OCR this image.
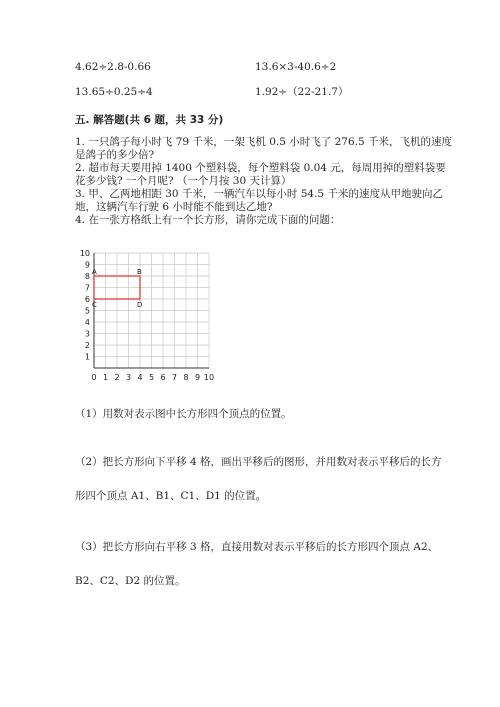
4.62÷2.8-0.66	13.6×3-40.6÷2
13.65÷0.25÷4	1.92÷（22-21.7）
五. 解答题(共 6 题，共 33 分)
1. 一只鸽子每小时飞 79 千米，一架飞机 0.5 小时飞了 276.5 千米，飞机的速度
是鸽子的多少倍?
2. 超市每天要用掉 1400 个塑料袋，每个塑料袋 0.04 元，每周用掉的塑料袋要
花多少钱? 一个月呢? （一个月按 30 天计算）
3. 甲、乙两地相距 30 千米，一辆汽车以每小时 54.5 千米的速度从甲地驶向乙
地，这辆汽车行驶 6 小时能不能到达乙地?
4. 在一张方格纸上有一个长方形，请你完成下面的问题：
0 1 2 3 4 5 6 7 8 9 10
1
2
3
4
5
6
7
8
9
10
A	B
C	D
（1）用数对表示图中长方形四个顶点的位置。
（2）把长方形向下平移 4 格，画出平移后的图形，并用数对表示平移后的长方
形四个顶点 A1、B1、C1、D1 的位置。
（3）把长方形向右平移 3 格，直接用数对表示平移后的长方形四个顶点 A2、
B2、C2、D2 的位置。
